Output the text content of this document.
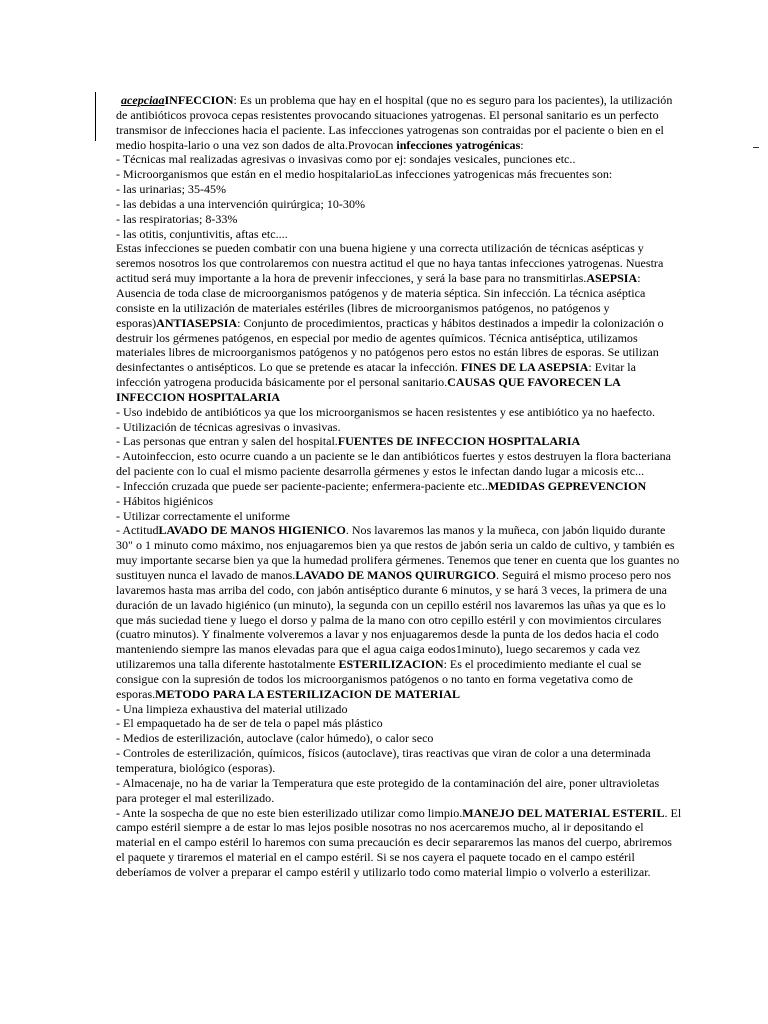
acepciaaINFECCION: Es un problema que hay en el hospital (que no es seguro para los pacientes), la utilización de antibióticos provoca cepas resistentes provocando situaciones yatrogenas. El personal sanitario es un perfecto transmisor de infecciones hacia el paciente. Las infecciones yatrogenas son contraidas por el paciente o bien en el medio hospita-lario o una vez son dados de alta.Provocan infecciones yatrogénicas:
- Técnicas mal realizadas agresivas o invasivas como por ej: sondajes vesicales, punciones etc..
- Microorganismos que están en el medio hospitalarioLas infecciones yatrogenicas más frecuentes son:
- las urinarias; 35-45%
- las debidas a una intervención quirúrgica; 10-30%
- las respiratorias; 8-33%
- las otitis, conjuntivitis, aftas etc....
Estas infecciones se pueden combatir con una buena higiene y una correcta utilización de técnicas asépticas y seremos nosotros los que controlaremos con nuestra actitud el que no haya tantas infecciones yatrogenas. Nuestra actitud será muy importante a la hora de prevenir infecciones, y será la base para no transmitirlas.ASEPSIA: Ausencia de toda clase de microorganismos patógenos y de materia séptica. Sin infección. La técnica aséptica consiste en la utilización de materiales estériles (libres de microorganismos patógenos, no patógenos y esporas)ANTIASEPSIA: Conjunto de procedimientos, practicas y hábitos destinados a impedir la colonización o destruir los gérmenes patógenos, en especial por medio de agentes químicos. Técnica antiséptica, utilizamos materiales libres de microorganismos patógenos y no patógenos pero estos no están libres de esporas. Se utilizan desinfectantes o antisépticos. Lo que se pretende es atacar la infección. FINES DE LA ASEPSIA: Evitar la infección yatrogena producida básicamente por el personal sanitario.CAUSAS QUE FAVORECEN LA INFECCION HOSPITALARIA
- Uso indebido de antibióticos ya que los microorganismos se hacen resistentes y ese antibiótico ya no haefecto.
- Utilización de técnicas agresivas o invasivas.
- Las personas que entran y salen del hospital.FUENTES DE INFECCION HOSPITALARIA
- Autoinfeccion, esto ocurre cuando a un paciente se le dan antibióticos fuertes y estos destruyen la flora bacteriana del paciente con lo cual el mismo paciente desarrolla gérmenes y estos le infectan dando lugar a micosis etc...
- Infección cruzada que puede ser paciente-paciente; enfermera-paciente etc..MEDIDAS GEPREVENCION
- Hábitos higiénicos
- Utilizar correctamente el uniforme
- ActitudLAVADO DE MANOS HIGIENICO. Nos lavaremos las manos y la muñeca, con jabón liquido durante 30" o 1 minuto como máximo, nos enjuagaremos bien ya que restos de jabón seria un caldo de cultivo, y también es muy importante secarse bien ya que la humedad prolifera gérmenes. Tenemos que tener en cuenta que los guantes no sustituyen nunca el lavado de manos.LAVADO DE MANOS QUIRURGICO. Seguirá el mismo proceso pero nos lavaremos hasta mas arriba del codo, con jabón antiséptico durante 6 minutos, y se hará 3 veces, la primera de una duración de un lavado higiénico (un minuto), la segunda con un cepillo estéril nos lavaremos las uñas ya que es lo que más suciedad tiene y luego el dorso y palma de la mano con otro cepillo estéril y con movimientos circulares (cuatro minutos). Y finalmente volveremos a lavar y nos enjuagaremos desde la punta de los dedos hacia el codo manteniendo siempre las manos elevadas para que el agua caiga eodos1minuto), luego secaremos y cada vez utilizaremos una talla diferente hastotalmente ESTERILIZACION: Es el procedimiento mediante el cual se consigue con la supresión de todos los microorganismos patógenos o no tanto en forma vegetativa como de esporas.METODO PARA LA ESTERILIZACION DE MATERIAL
- Una limpieza exhaustiva del material utilizado
- El empaquetado ha de ser de tela o papel más plástico
- Medios de esterilización, autoclave (calor húmedo), o calor seco
- Controles de esterilización, químicos, físicos (autoclave), tiras reactivas que viran de color a una determinada temperatura, biológico (esporas).
- Almacenaje, no ha de variar la Temperatura que este protegido de la contaminación del aire, poner ultravioletas para proteger el mal esterilizado.
- Ante la sospecha de que no este bien esterilizado utilizar como limpio.MANEJO DEL MATERIAL ESTERIL. El campo estéril siempre a de estar lo mas lejos posible nosotras no nos acercaremos mucho, al ir depositando el material en el campo estéril lo haremos con suma precaución es decir separaremos las manos del cuerpo, abriremos el paquete y tiraremos el material en el campo estéril. Si se nos cayera el paquete tocado en el campo estéril deberíamos de volver a preparar el campo estéril y utilizarlo todo como material limpio o volverlo a esterilizar.
